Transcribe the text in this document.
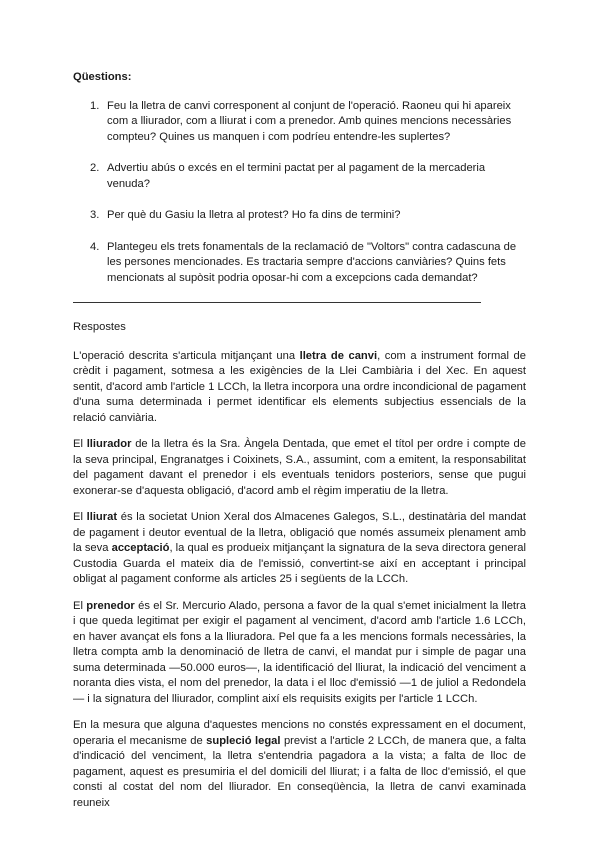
Qüestions:
1. Feu la lletra de canvi corresponent al conjunt de l'operació. Raoneu qui hi apareix com a lliurador, com a lliurat i com a prenedor. Amb quines mencions necessàries compteu? Quines us manquen i com podríeu entendre-les suplertes?
2. Advertiu abús o excés en el termini pactat per al pagament de la mercaderia venuda?
3. Per què du Gasiu la lletra al protest? Ho fa dins de termini?
4. Plantegeu els trets fonamentals de la reclamació de "Voltors" contra cadascuna de les persones mencionades. Es tractaria sempre d'accions canviàries? Quins fets mencionats al supòsit podria oposar-hi com a excepcions cada demandat?
Respostes

L'operació descrita s'articula mitjançant una lletra de canvi, com a instrument formal de crèdit i pagament, sotmesa a les exigències de la Llei Cambiària i del Xec. En aquest sentit, d'acord amb l'article 1 LCCh, la lletra incorpora una ordre incondicional de pagament d'una suma determinada i permet identificar els elements subjectius essencials de la relació canviària.

El lliurador de la lletra és la Sra. Àngela Dentada, que emet el títol per ordre i compte de la seva principal, Engranatges i Coixinets, S.A., assumint, com a emitent, la responsabilitat del pagament davant el prenedor i els eventuals tenidors posteriors, sense que pugui exonerar-se d'aquesta obligació, d'acord amb el règim imperatiu de la lletra.

El lliurat és la societat Union Xeral dos Almacenes Galegos, S.L., destinatària del mandat de pagament i deutor eventual de la lletra, obligació que només assumeix plenament amb la seva acceptació, la qual es produeix mitjançant la signatura de la seva directora general Custodia Guarda el mateix dia de l'emissió, convertint-se així en acceptant i principal obligat al pagament conforme als articles 25 i següents de la LCCh.

El prenedor és el Sr. Mercurio Alado, persona a favor de la qual s'emet inicialment la lletra i que queda legitimat per exigir el pagament al venciment, d'acord amb l'article 1.6 LCCh, en haver avançat els fons a la lliuradora. Pel que fa a les mencions formals necessàries, la lletra compta amb la denominació de lletra de canvi, el mandat pur i simple de pagar una suma determinada —50.000 euros—, la identificació del lliurat, la indicació del venciment a noranta dies vista, el nom del prenedor, la data i el lloc d'emissió —1 de juliol a Redondela— i la signatura del lliurador, complint així els requisits exigits per l'article 1 LCCh.

En la mesura que alguna d'aquestes mencions no constés expressament en el document, operaria el mecanisme de supleció legal previst a l'article 2 LCCh, de manera que, a falta d'indicació del venciment, la lletra s'entendria pagadora a la vista; a falta de lloc de pagament, aquest es presumiria el del domicili del lliurat; i a falta de lloc d'emissió, el que consti al costat del nom del lliurador. En conseqüència, la lletra de canvi examinada reuneix
